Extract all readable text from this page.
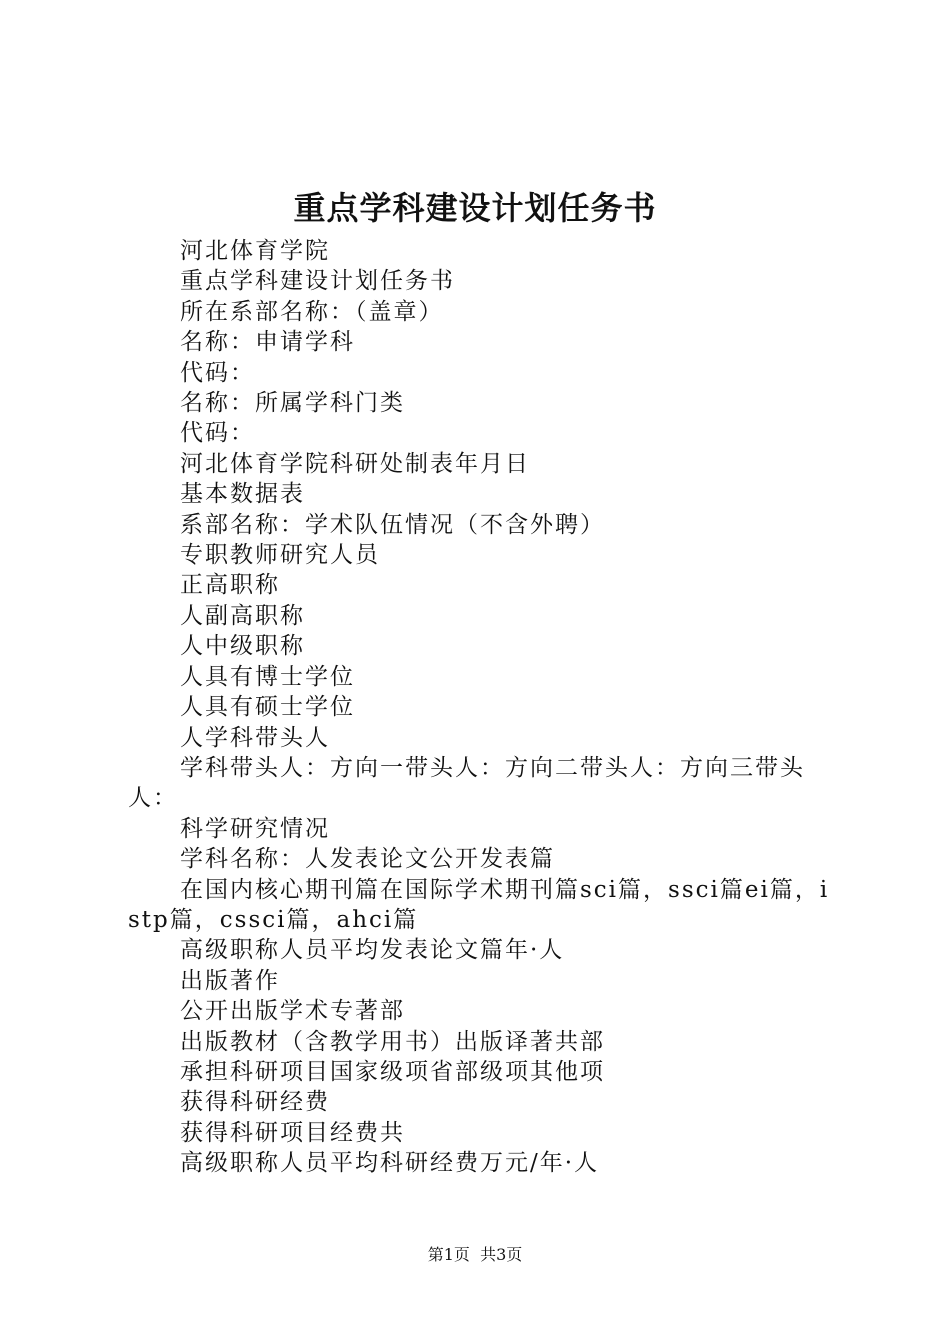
重点学科建设计划任务书

河北体育学院

重点学科建设计划任务书

所在系部名称：（盖章）

名称：申请学科

代码：

名称：所属学科门类

代码：

河北体育学院科研处制表年月日

基本数据表

系部名称：学术队伍情况（不含外聘）

专职教师研究人员

正高职称

人副高职称

人中级职称

人具有博士学位

人具有硕士学位

人学科带头人

学科带头人：方向一带头人：方向二带头人：方向三带头人：

科学研究情况

学科名称：人发表论文公开发表篇

在国内核心期刊篇在国际学术期刊篇sci篇，ssci篇ei篇，istp篇，cssci篇，ahci篇

高级职称人员平均发表论文篇年·人

出版著作

公开出版学术专著部

出版教材（含教学用书）出版译著共部

承担科研项目国家级项省部级项其他项

获得科研经费

获得科研项目经费共

高级职称人员平均科研经费万元/年·人

第1页 共3页
